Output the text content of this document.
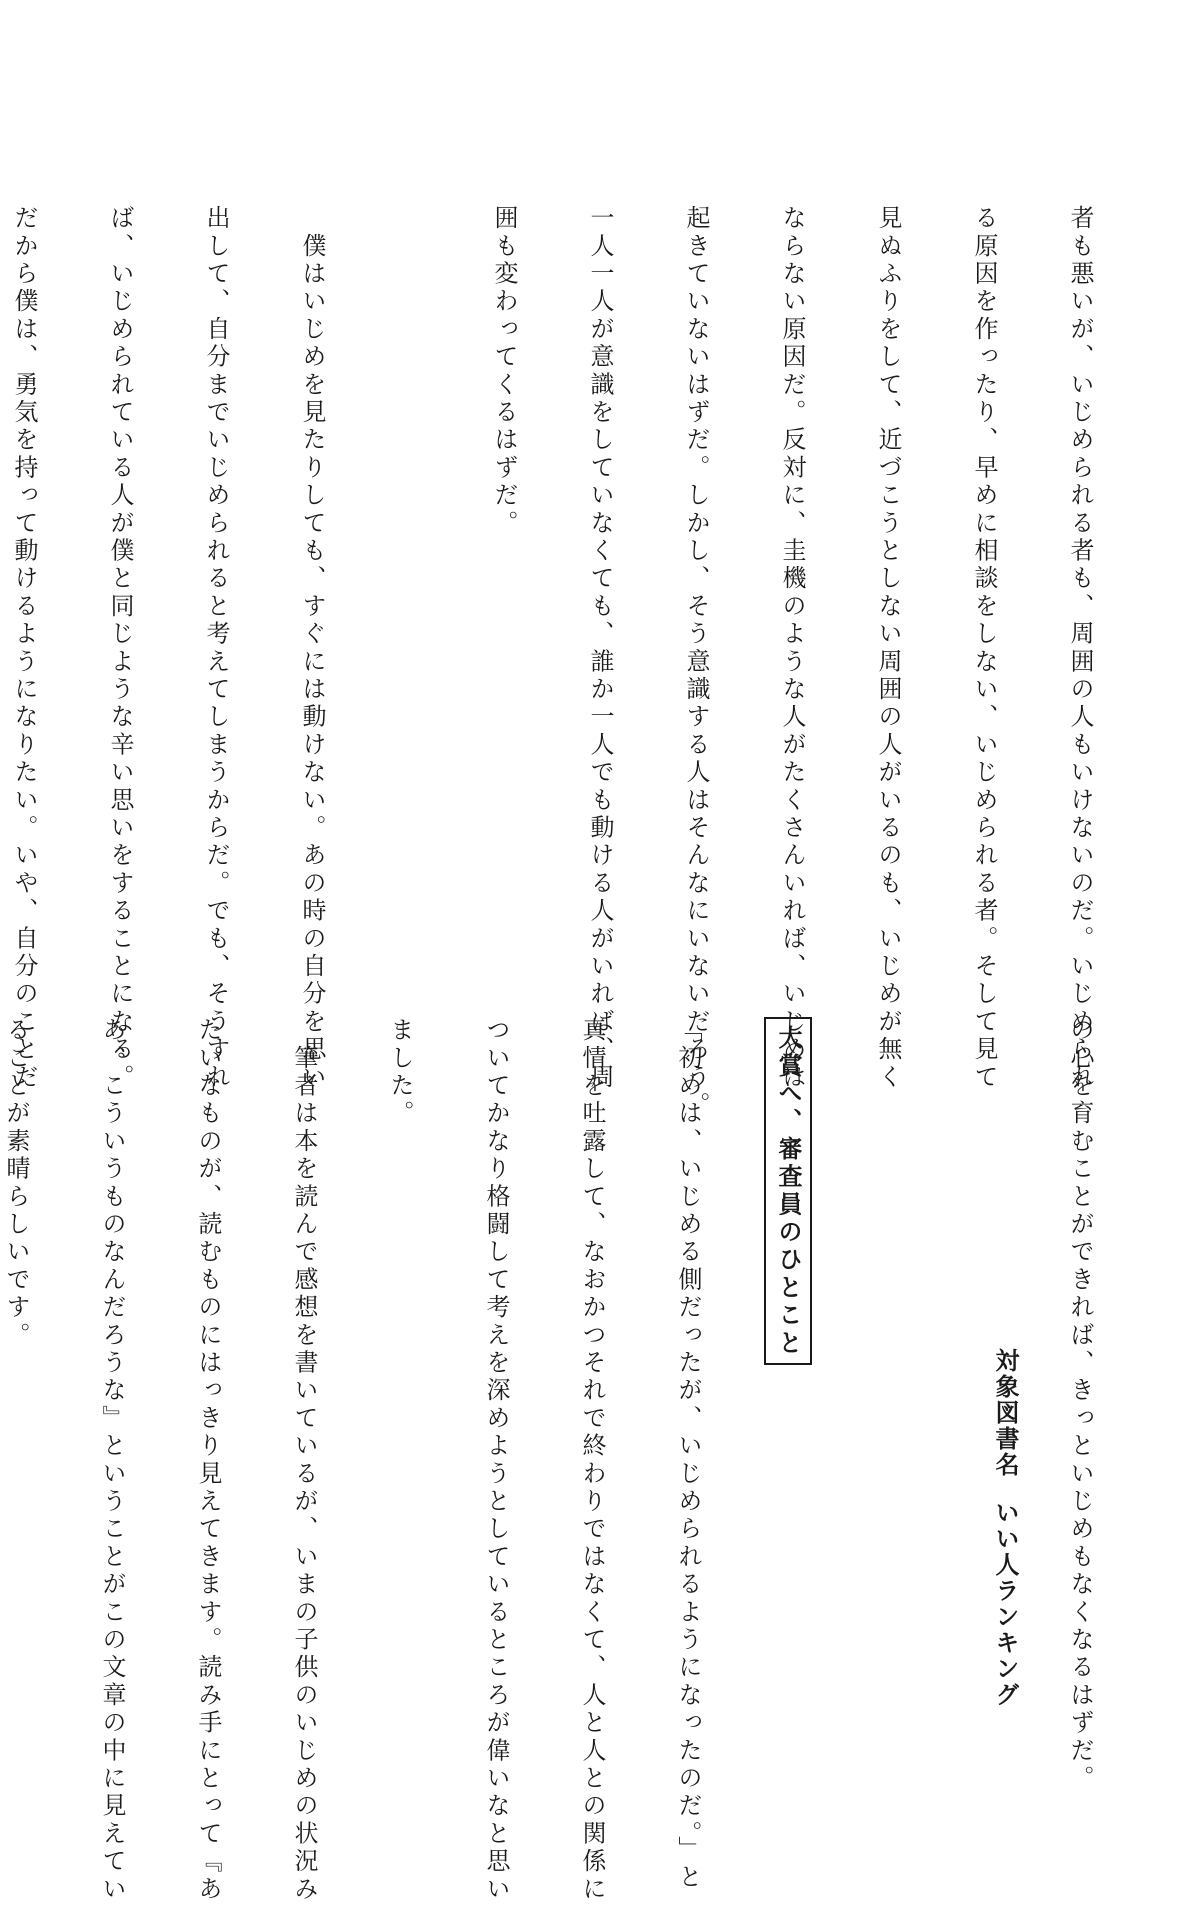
者も悪いが、いじめられる者も、周囲の人もいけないのだ。いじめられ

る原因を作ったり、早めに相談をしない、いじめられる者。そして見て

見ぬふりをして、近づこうとしない周囲の人がいるのも、いじめが無く

ならない原因だ。反対に、圭機のような人がたくさんいれば、いじめは

起きていないはずだ。しかし、そう意識する人はそんなにいないだろう。

一人一人が意識をしていなくても、誰か一人でも動ける人がいれば、周

囲も変わってくるはずだ。

　僕はいじめを見たりしても、すぐには動けない。あの時の自分を思い

出して、自分までいじめられると考えてしまうからだ。でも、そうすれ

ば、いじめられている人が僕と同じような辛い思いをすることになる。

だから僕は、勇気を持って動けるようになりたい。いや、自分のことだ

の心を育むことができれば、きっといじめもなくなるはずだ。

大賞へ、審査員のひとこと

「初めは、いじめる側だったが、いじめられるようになったのだ。」と

真情を吐露して、なおかつそれで終わりではなくて、人と人との関係に

ついてかなり格闘して考えを深めようとしているところが偉いなと思い

ました。

　筆者は本を読んで感想を書いているが、いまの子供のいじめの状況み

たいなものが、読むものにはっきり見えてきます。読み手にとって『あ

あ、こういうものなんだろうな』ということがこの文章の中に見えてい

ることが素晴らしいです。

対象図書名
いい人ランキング
